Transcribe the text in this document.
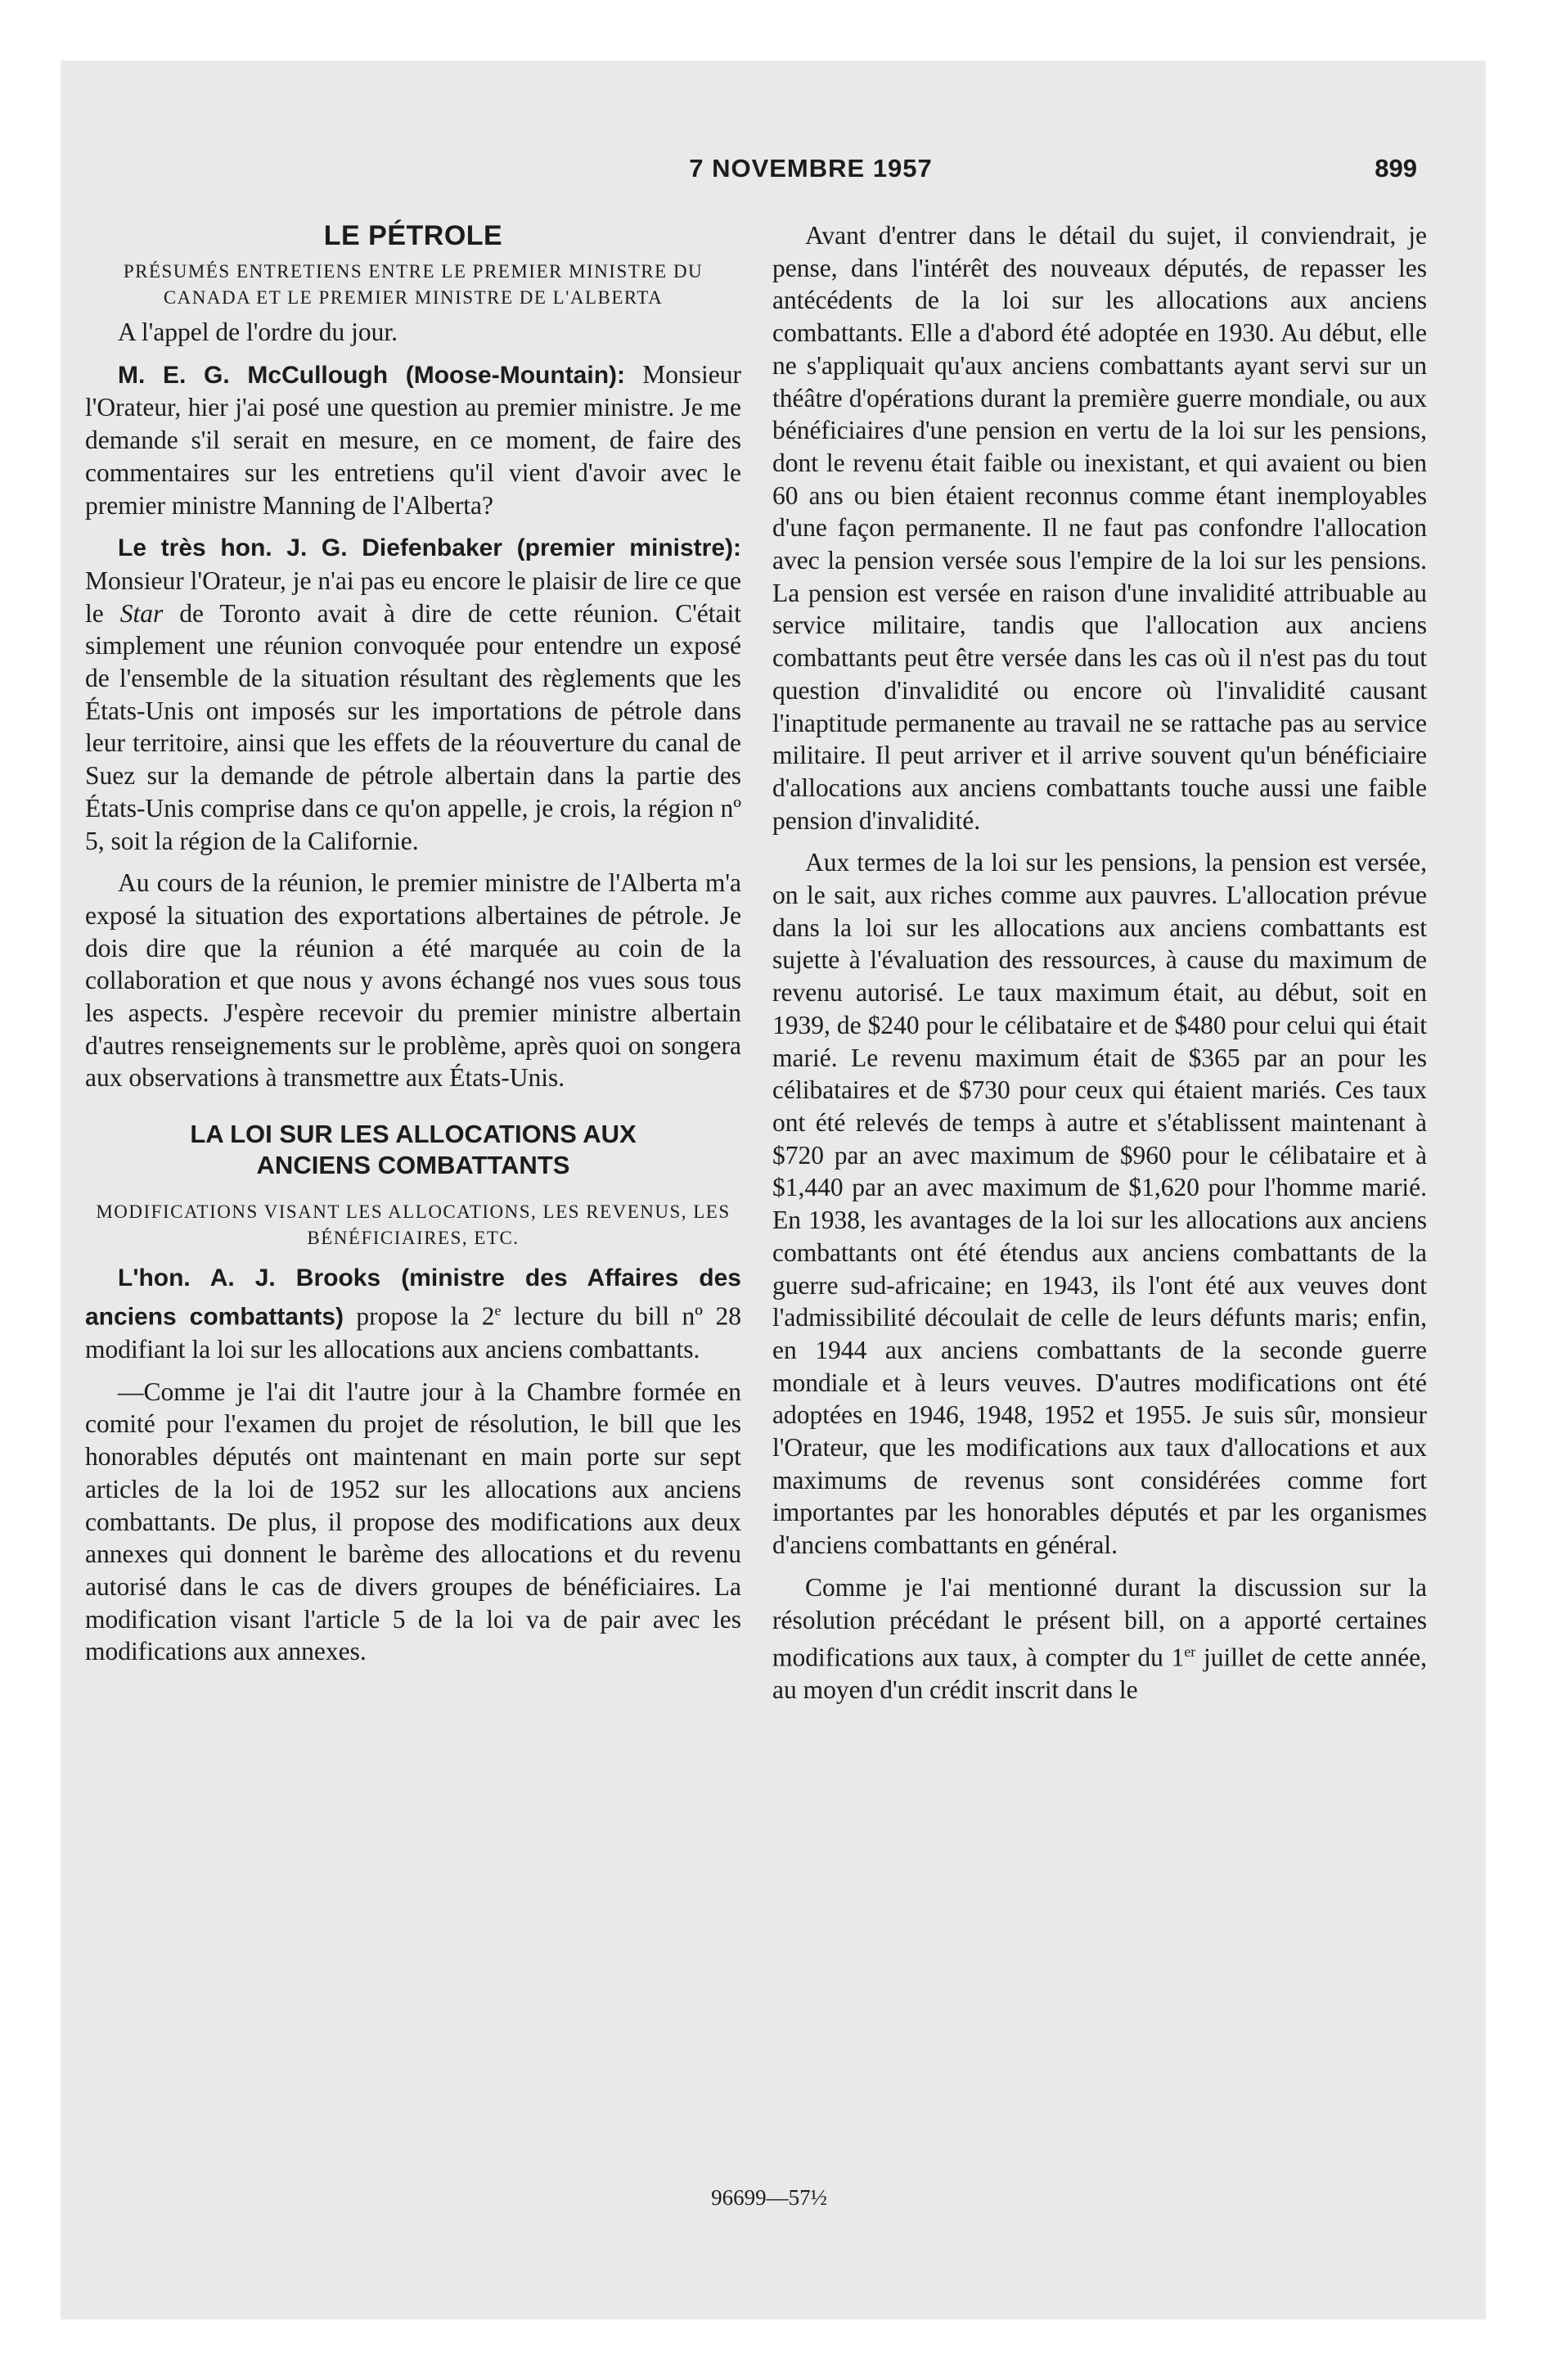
7 NOVEMBRE 1957	899
LE PÉTROLE
PRÉSUMÉS ENTRETIENS ENTRE LE PREMIER MINISTRE DU CANADA ET LE PREMIER MINISTRE DE L'ALBERTA

A l'appel de l'ordre du jour.

M. E. G. McCullough (Moose-Mountain): Monsieur l'Orateur, hier j'ai posé une question au premier ministre. Je me demande s'il serait en mesure, en ce moment, de faire des commentaires sur les entretiens qu'il vient d'avoir avec le premier ministre Manning de l'Alberta?

Le très hon. J. G. Diefenbaker (premier ministre): Monsieur l'Orateur, je n'ai pas eu encore le plaisir de lire ce que le Star de Toronto avait à dire de cette réunion. C'était simplement une réunion convoquée pour entendre un exposé de l'ensemble de la situation résultant des règlements que les États-Unis ont imposés sur les importations de pétrole dans leur territoire, ainsi que les effets de la réouverture du canal de Suez sur la demande de pétrole albertain dans la partie des États-Unis comprise dans ce qu'on appelle, je crois, la région nº 5, soit la région de la Californie.

Au cours de la réunion, le premier ministre de l'Alberta m'a exposé la situation des exportations albertaines de pétrole. Je dois dire que la réunion a été marquée au coin de la collaboration et que nous y avons échangé nos vues sous tous les aspects. J'espère recevoir du premier ministre albertain d'autres renseignements sur le problème, après quoi on songera aux observations à transmettre aux États-Unis.

LA LOI SUR LES ALLOCATIONS AUX
ANCIENS COMBATTANTS
MODIFICATIONS VISANT LES ALLOCATIONS, LES REVENUS, LES BÉNÉFICIAIRES, ETC.

L'hon. A. J. Brooks (ministre des Affaires des anciens combattants) propose la 2e lecture du bill nº 28 modifiant la loi sur les allocations aux anciens combattants.

—Comme je l'ai dit l'autre jour à la Chambre formée en comité pour l'examen du projet de résolution, le bill que les honorables députés ont maintenant en main porte sur sept articles de la loi de 1952 sur les allocations aux anciens combattants. De plus, il propose des modifications aux deux annexes qui donnent le barème des allocations et du revenu autorisé dans le cas de divers groupes de bénéficiaires. La modification visant l'article 5 de la loi va de pair avec les modifications aux annexes.

Avant d'entrer dans le détail du sujet, il conviendrait, je pense, dans l'intérêt des nouveaux députés, de repasser les antécédents de la loi sur les allocations aux anciens combattants. Elle a d'abord été adoptée en 1930. Au début, elle ne s'appliquait qu'aux anciens combattants ayant servi sur un théâtre d'opérations durant la première guerre mondiale, ou aux bénéficiaires d'une pension en vertu de la loi sur les pensions, dont le revenu était faible ou inexistant, et qui avaient ou bien 60 ans ou bien étaient reconnus comme étant inemployables d'une façon permanente. Il ne faut pas confondre l'allocation avec la pension versée sous l'empire de la loi sur les pensions. La pension est versée en raison d'une invalidité attribuable au service militaire, tandis que l'allocation aux anciens combattants peut être versée dans les cas où il n'est pas du tout question d'invalidité ou encore où l'invalidité causant l'inaptitude permanente au travail ne se rattache pas au service militaire. Il peut arriver et il arrive souvent qu'un bénéficiaire d'allocations aux anciens combattants touche aussi une faible pension d'invalidité.

Aux termes de la loi sur les pensions, la pension est versée, on le sait, aux riches comme aux pauvres. L'allocation prévue dans la loi sur les allocations aux anciens combattants est sujette à l'évaluation des ressources, à cause du maximum de revenu autorisé. Le taux maximum était, au début, soit en 1939, de $240 pour le célibataire et de $480 pour celui qui était marié. Le revenu maximum était de $365 par an pour les célibataires et de $730 pour ceux qui étaient mariés. Ces taux ont été relevés de temps à autre et s'établissent maintenant à $720 par an avec maximum de $960 pour le célibataire et à $1,440 par an avec maximum de $1,620 pour l'homme marié. En 1938, les avantages de la loi sur les allocations aux anciens combattants ont été étendus aux anciens combattants de la guerre sud-africaine; en 1943, ils l'ont été aux veuves dont l'admissibilité découlait de celle de leurs défunts maris; enfin, en 1944 aux anciens combattants de la seconde guerre mondiale et à leurs veuves. D'autres modifications ont été adoptées en 1946, 1948, 1952 et 1955. Je suis sûr, monsieur l'Orateur, que les modifications aux taux d'allocations et aux maximums de revenus sont considérées comme fort importantes par les honorables députés et par les organismes d'anciens combattants en général.

Comme je l'ai mentionné durant la discussion sur la résolution précédant le présent bill, on a apporté certaines modifications aux taux, à compter du 1er juillet de cette année, au moyen d'un crédit inscrit dans le

96699—57½
